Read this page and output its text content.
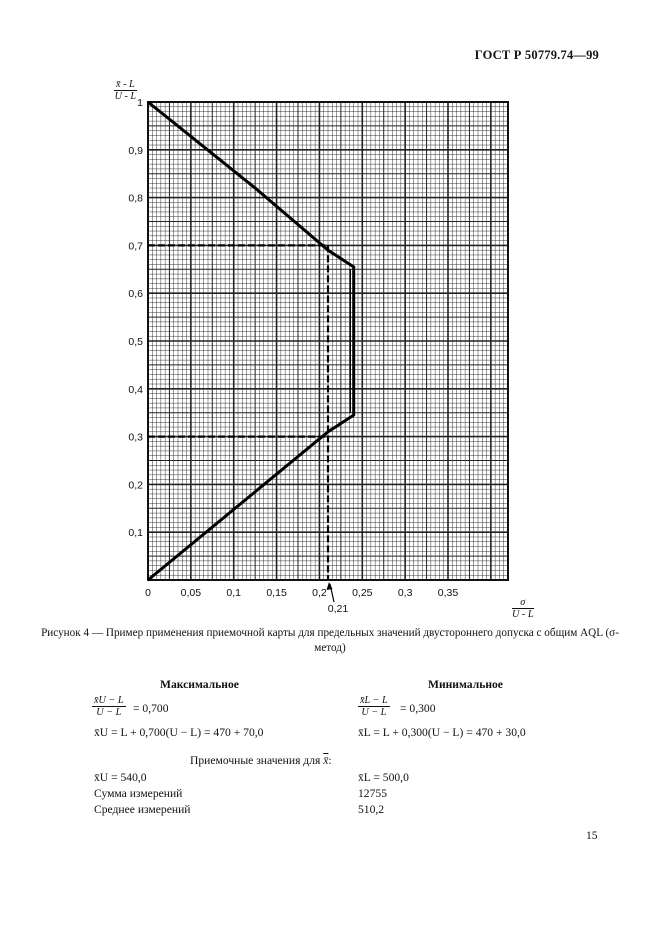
ГОСТ Р 50779.74—99
0	0,05 0,1 0,15 0,2 0,25 0,3 0,35
0,1
0,2
0,3
0,4
0,5
0,6
0,7
0,8
0,9
1
0,21
$\frac{x̄ - L}{U - L}$
$\frac{\sigma}{U - L}$
Рисунок 4 — Пример применения приемочной карты для предельных значений двустороннего допуска с общим AQL (σ-метод)
Максимальное	Минимальное
$\frac{x̄U - L}{U - L} = 0,700$	$\frac{x̄L - L}{U - L} = 0,300$
x̄U = L + 0,700(U − L) = 470 + 70,0	x̄L = L + 0,300(U − L) = 470 + 30,0
Приемочные значения для x̄:
x̄U = 540,0	x̄L = 500,0
Сумма измерений	12755
Среднее измерений	510,2
15
